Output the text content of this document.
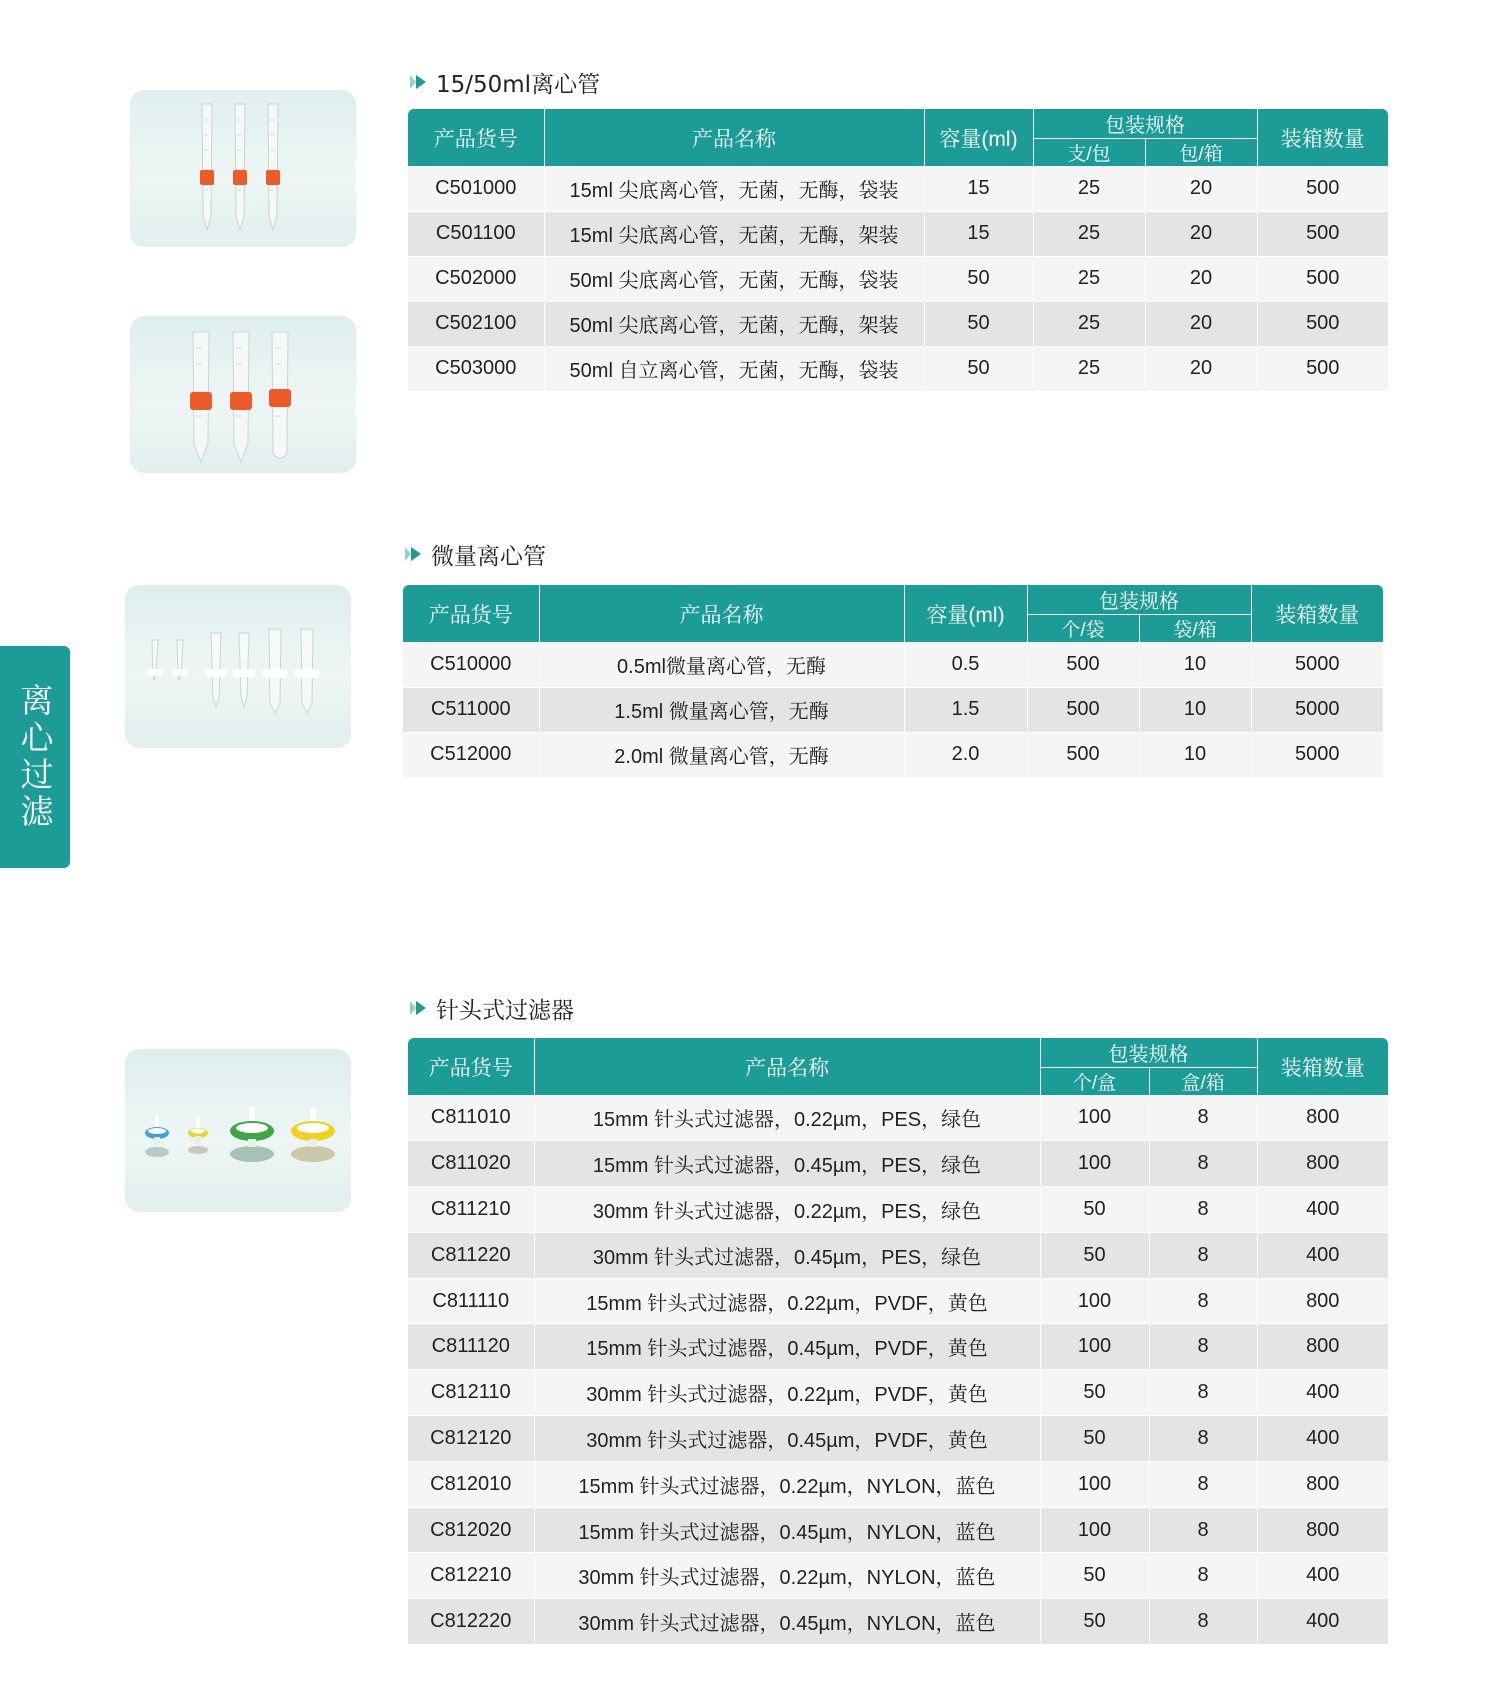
离心过滤
15/50ml离心管
产品货号	产品名称	容量(ml)	包装规格		装箱数量
			支/包	包/箱	
C501000	15ml 尖底离心管，无菌，无酶，袋装	15	25	20	500
C501100	15ml 尖底离心管，无菌，无酶，架装	15	25	20	500
C502000	50ml 尖底离心管，无菌，无酶，袋装	50	25	20	500
C502100	50ml 尖底离心管，无菌，无酶，架装	50	25	20	500
C503000	50ml 自立离心管，无菌，无酶，袋装	50	25	20	500
微量离心管
产品货号	产品名称	容量(ml)	包装规格		装箱数量
			个/袋	袋/箱	
C510000	0.5ml微量离心管，无酶	0.5	500	10	5000
C511000	1.5ml 微量离心管，无酶	1.5	500	10	5000
C512000	2.0ml 微量离心管，无酶	2.0	500	10	5000
针头式过滤器
产品货号	产品名称	包装规格		装箱数量
		个/盒	盒/箱	
C811010	15mm 针头式过滤器，0.22µm，PES，绿色	100	8	800
C811020	15mm 针头式过滤器，0.45µm，PES，绿色	100	8	800
C811210	30mm 针头式过滤器，0.22µm，PES，绿色	50	8	400
C811220	30mm 针头式过滤器，0.45µm，PES，绿色	50	8	400
C811110	15mm 针头式过滤器，0.22µm，PVDF，黄色	100	8	800
C811120	15mm 针头式过滤器，0.45µm，PVDF，黄色	100	8	800
C812110	30mm 针头式过滤器，0.22µm，PVDF，黄色	50	8	400
C812120	30mm 针头式过滤器，0.45µm，PVDF，黄色	50	8	400
C812010	15mm 针头式过滤器，0.22µm，NYLON，蓝色	100	8	800
C812020	15mm 针头式过滤器，0.45µm，NYLON，蓝色	100	8	800
C812210	30mm 针头式过滤器，0.22µm，NYLON，蓝色	50	8	400
C812220	30mm 针头式过滤器，0.45µm，NYLON，蓝色	50	8	400
